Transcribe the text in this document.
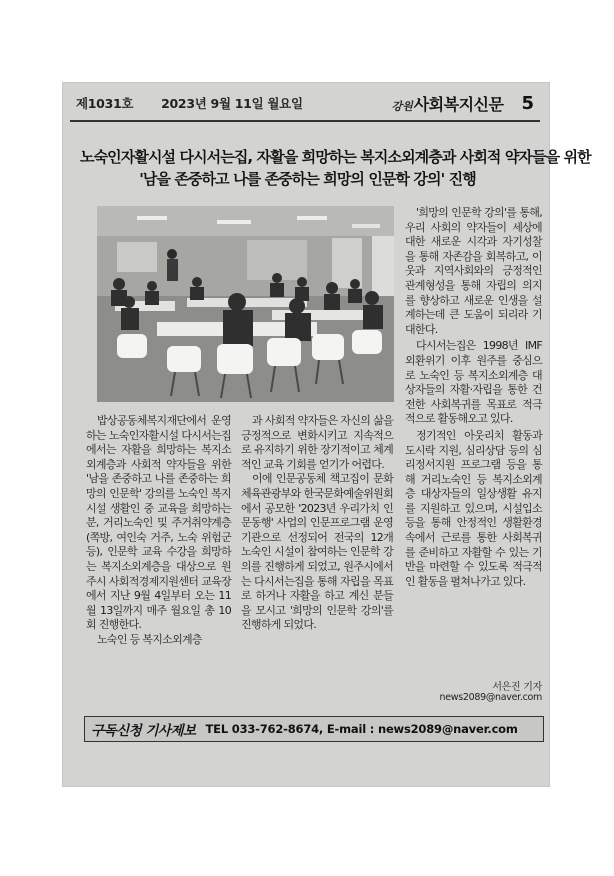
제1031호 2023년 9월 11일 월요일	강원 사회복지신문 5
노숙인자활시설 다시서는집, 자활을 희망하는 복지소외계층과 사회적 약자들을 위한
'남을 존중하고 나를 존중하는 희망의 인문학 강의' 진행

밥상공동체복지재단에서 운영하는 노숙인자활시설 다시서는집에서는 자활을 희망하는 복지소외계층과 사회적 약자들을 위한 '남을 존중하고 나를 존중하는 희망의 인문학' 강의를 노숙인 복지시설 생활인 중 교육을 희망하는 분, 거리노숙인 및 주거취약계층(쪽방, 여인숙 거주, 노숙 위험군 등), 인문학 교육 수강을 희망하는 복지소외계층을 대상으로 원주시 사회적경제지원센터 교육장에서 지난 9월 4일부터 오는 11월 13일까지 매주 월요일 총 10회 진행한다.

노숙인 등 복지소외계층

과 사회적 약자들은 자신의 삶을 긍정적으로 변화시키고 지속적으로 유지하기 위한 장기적이고 체계적인 교육 기회를 얻기가 어렵다.

이에 인문공동체 책고집이 문화체육관광부와 한국문화예술위원회에서 공모한 '2023년 우리가치 인문동행' 사업의 인문프로그램 운영기관으로 선정되어 전국의 12개 노숙인 시설이 참여하는 인문학 강의를 진행하게 되었고, 원주시에서는 다시서는집을 통해 자립을 목표로 하거나 자활을 하고 계신 분들을 모시고 '희망의 인문학 강의'를 진행하게 되었다.

'희망의 인문학 강의'를 통해, 우리 사회의 약자들이 세상에 대한 새로운 시각과 자기성찰을 통해 자존감을 회복하고, 이웃과 지역사회와의 긍정적인 관계형성을 통해 자립의 의지를 향상하고 새로운 인생을 설계하는데 큰 도움이 되리라 기대한다.

다시서는집은 1998년 IMF 외환위기 이후 원주를 중심으로 노숙인 등 복지소외계층 대상자들의 자활·자립을 통한 건전한 사회복귀를 목표로 적극적으로 활동해오고 있다.

정기적인 아웃리치 활동과 도시락 지원, 심리상담 등의 심리정서지원 프로그램 등을 통해 거리노숙인 등 복지소외계층 대상자들의 일상생활 유지를 지원하고 있으며, 시설입소 등을 통해 안정적인 생활환경 속에서 근로를 통한 사회복귀를 준비하고 자활할 수 있는 기반을 마련할 수 있도록 적극적인 활동을 펼쳐나가고 있다.

서은진 기자
news2089@naver.com
구독신청 기사제보 TEL 033-762-8674, E-mail : news2089@naver.com
